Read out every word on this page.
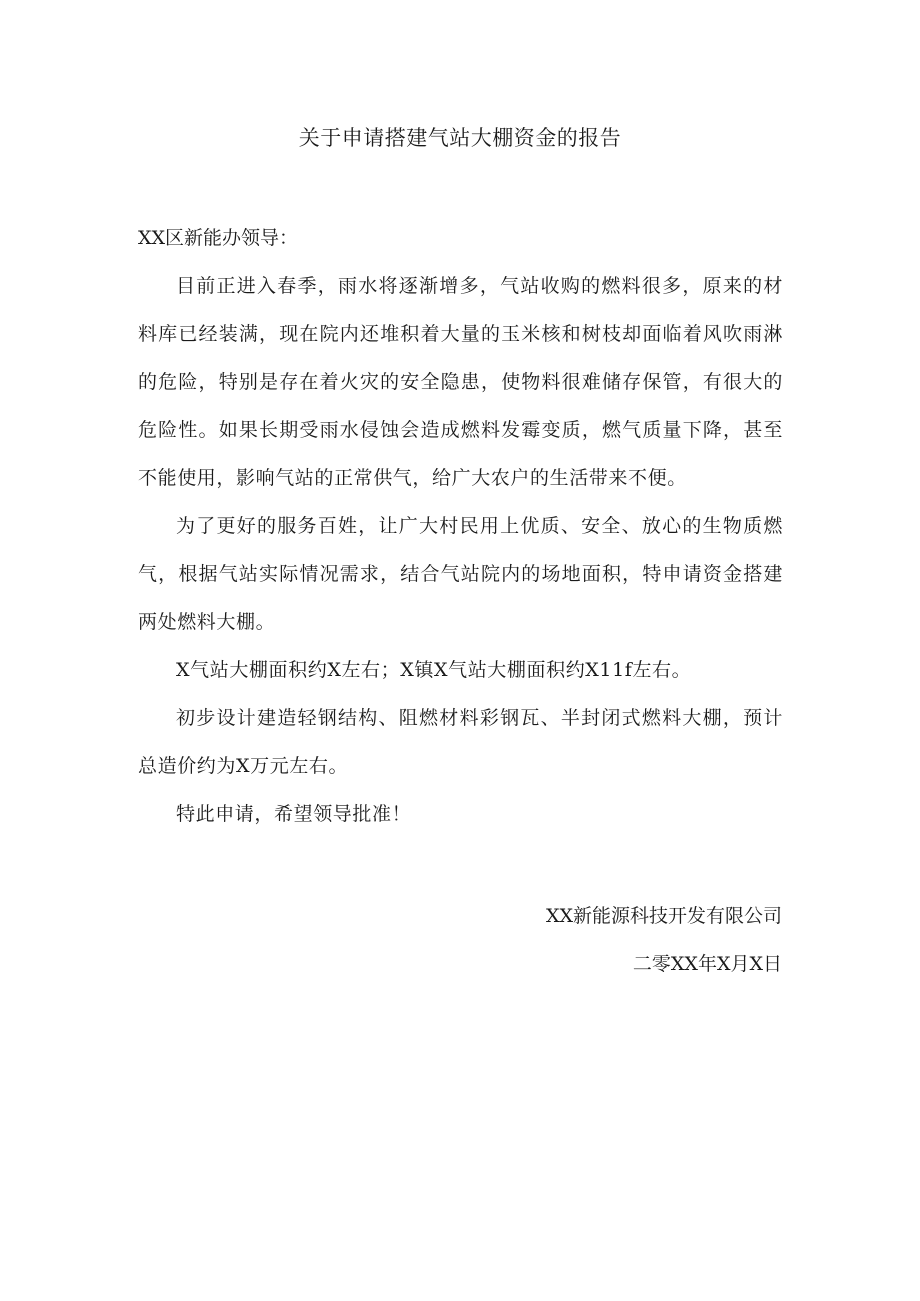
关于申请搭建气站大棚资金的报告

XX区新能办领导：

目前正进入春季，雨水将逐渐增多，气站收购的燃料很多，原来的材料库已经装满，现在院内还堆积着大量的玉米核和树枝却面临着风吹雨淋的危险，特别是存在着火灾的安全隐患，使物料很难储存保管，有很大的危险性。如果长期受雨水侵蚀会造成燃料发霉变质，燃气质量下降，甚至不能使用，影响气站的正常供气，给广大农户的生活带来不便。

为了更好的服务百姓，让广大村民用上优质、安全、放心的生物质燃气，根据气站实际情况需求，结合气站院内的场地面积，特申请资金搭建两处燃料大棚。

X气站大棚面积约X左右；X镇X气站大棚面积约X11f左右。

初步设计建造轻钢结构、阻燃材料彩钢瓦、半封闭式燃料大棚，预计总造价约为X万元左右。

特此申请，希望领导批准！

XX新能源科技开发有限公司
二零XX年X月X日
